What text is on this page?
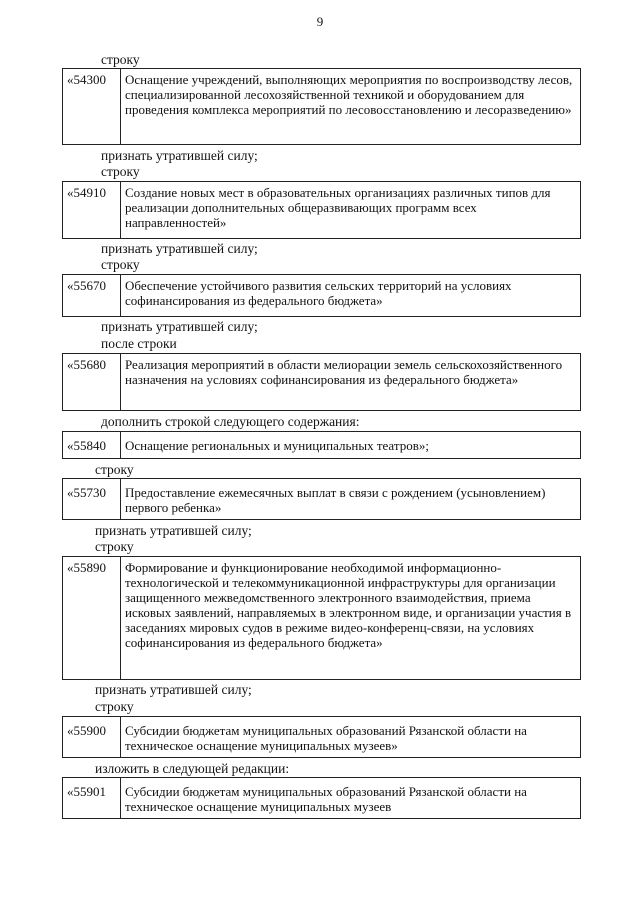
9
строку
«54300	Оснащение учреждений, выполняющих мероприятия по воспроизводству лесов, специализированной лесохозяйственной техникой и оборудованием для проведения комплекса мероприятий по лесовосстановлению и лесоразведению»
признать утратившей силу;
строку
«54910	Создание новых мест в образовательных организациях различных типов для реализации дополнительных общеразвивающих программ всех направленностей»
признать утратившей силу;
строку
«55670	Обеспечение устойчивого развития сельских территорий на условиях софинансирования из федерального бюджета»
признать утратившей силу;
после строки
«55680	Реализация мероприятий в области мелиорации земель сельскохозяйственного назначения на условиях софинансирования из федерального бюджета»
дополнить строкой следующего содержания:
«55840	Оснащение региональных и муниципальных театров»;
строку
«55730	Предоставление ежемесячных выплат в связи с рождением (усыновлением) первого ребенка»
признать утратившей силу;
строку
«55890	Формирование и функционирование необходимой информационно-технологической и телекоммуникационной инфраструктуры для организации защищенного межведомственного электронного взаимодействия, приема исковых заявлений, направляемых в электронном виде, и организации участия в заседаниях мировых судов в режиме видео-конференц-связи, на условиях софинансирования из федерального бюджета»
признать утратившей силу;
строку
«55900	Субсидии бюджетам муниципальных образований Рязанской области на техническое оснащение муниципальных музеев»
изложить в следующей редакции:
«55901	Субсидии бюджетам муниципальных образований Рязанской области на техническое оснащение муниципальных музеев
